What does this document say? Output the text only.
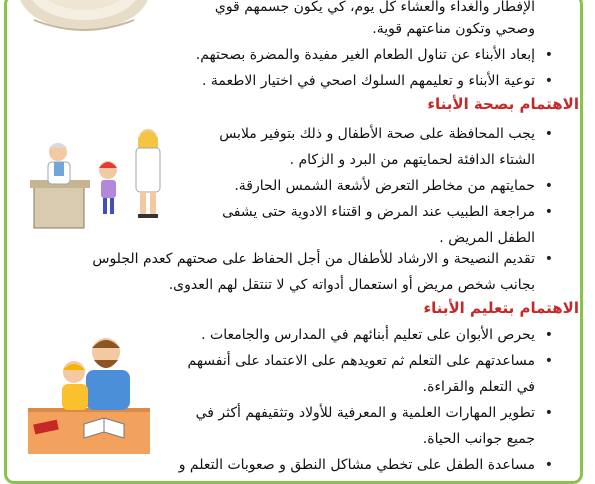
الإفطار والغداء والعشاء كل يوم، كي يكون جسمهم قوي
وصحي وتكون مناعتهم قوية.
• إبعاد الأبناء عن تناول الطعام الغير مفيدة والمضرة بصحتهم.
• توعية الأبناء و تعليمهم السلوك اصحي في اختيار الاطعمة .
الاهتمام بصحة الأبناء
• يجب المحافظة على صحة الأطفال و ذلك بتوفير ملابس
الشتاء الدافئة لحمايتهم من البرد و الزكام .
• حمايتهم من مخاطر التعرض لأشعة الشمس الحارقة.
• مراجعة الطبيب عند المرض و اقتناء الادوية حتى يشفى
الطفل المريض .
• تقديم النصيحة و الارشاد للأطفال من أجل الحفاظ على صحتهم كعدم الجلوس
بجانب شخص مريض أو استعمال أدواته كي لا تنتقل لهم العدوى.
الاهتمام بتعليم الأبناء
• يحرص الأبوان على تعليم أبنائهم في المدارس والجامعات .
• مساعدتهم على التعلم ثم تعويدهم على الاعتماد على أنفسهم
في التعلم والقراءة.
• تطوير المهارات العلمية و المعرفية للأولاد وتثقيفهم أكثر في
جميع جوانب الحياة.
• مساعدة الطفل على تخطي مشاكل النطق و صعوبات التعلم و
